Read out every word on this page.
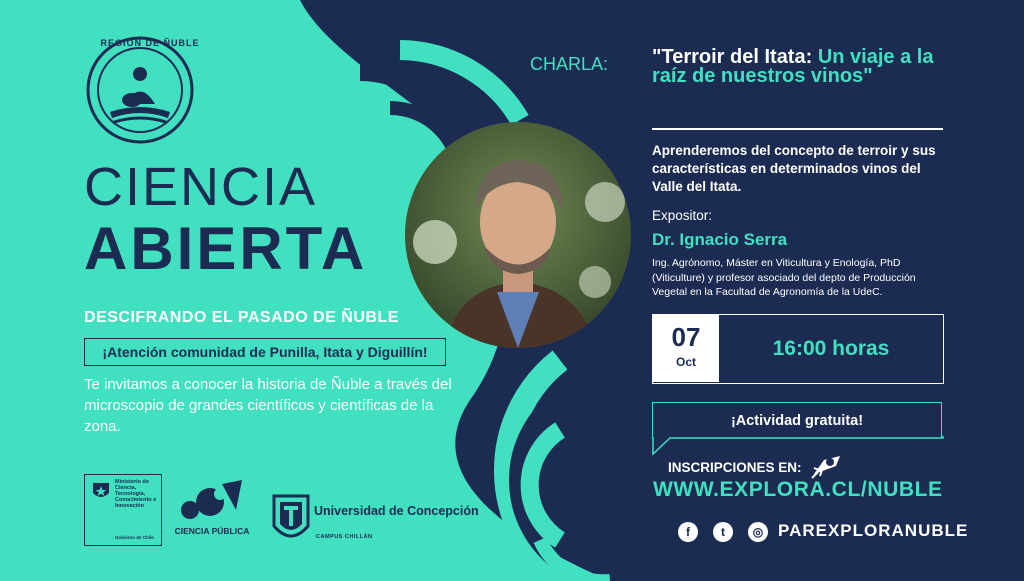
REGIÓN DE ÑUBLE
CIENCIA
ABIERTA
DESCIFRANDO EL PASADO DE ÑUBLE
¡Atención comunidad de Punilla, Itata y Diguillín!
Te invitamos a conocer la historia de Ñuble a través del microscopio de grandes científicos y científicas de la zona.
Ministerio de Ciencia, Tecnología, Conocimiento e Innovación
Gobierno de Chile
CIENCIA PÚBLICA
Universidad de Concepción
CAMPUS CHILLÁN
CHARLA: "Terroir del Itata: Un viaje a la raíz de nuestros vinos"
Aprenderemos del concepto de terroir y sus características en determinados vinos del Valle del Itata.
Expositor:
Dr. Ignacio Serra
Ing. Agrónomo, Máster en Viticultura y Enología, PhD (Viticulture) y profesor asociado del depto de Producción Vegetal en la Facultad de Agronomía de la UdeC.
07
Oct
16:00 horas
¡Actividad gratuita!
INSCRIPCIONES EN:
WWW.EXPLORA.CL/NUBLE
f	t	◎ PAREXPLORANUBLE
